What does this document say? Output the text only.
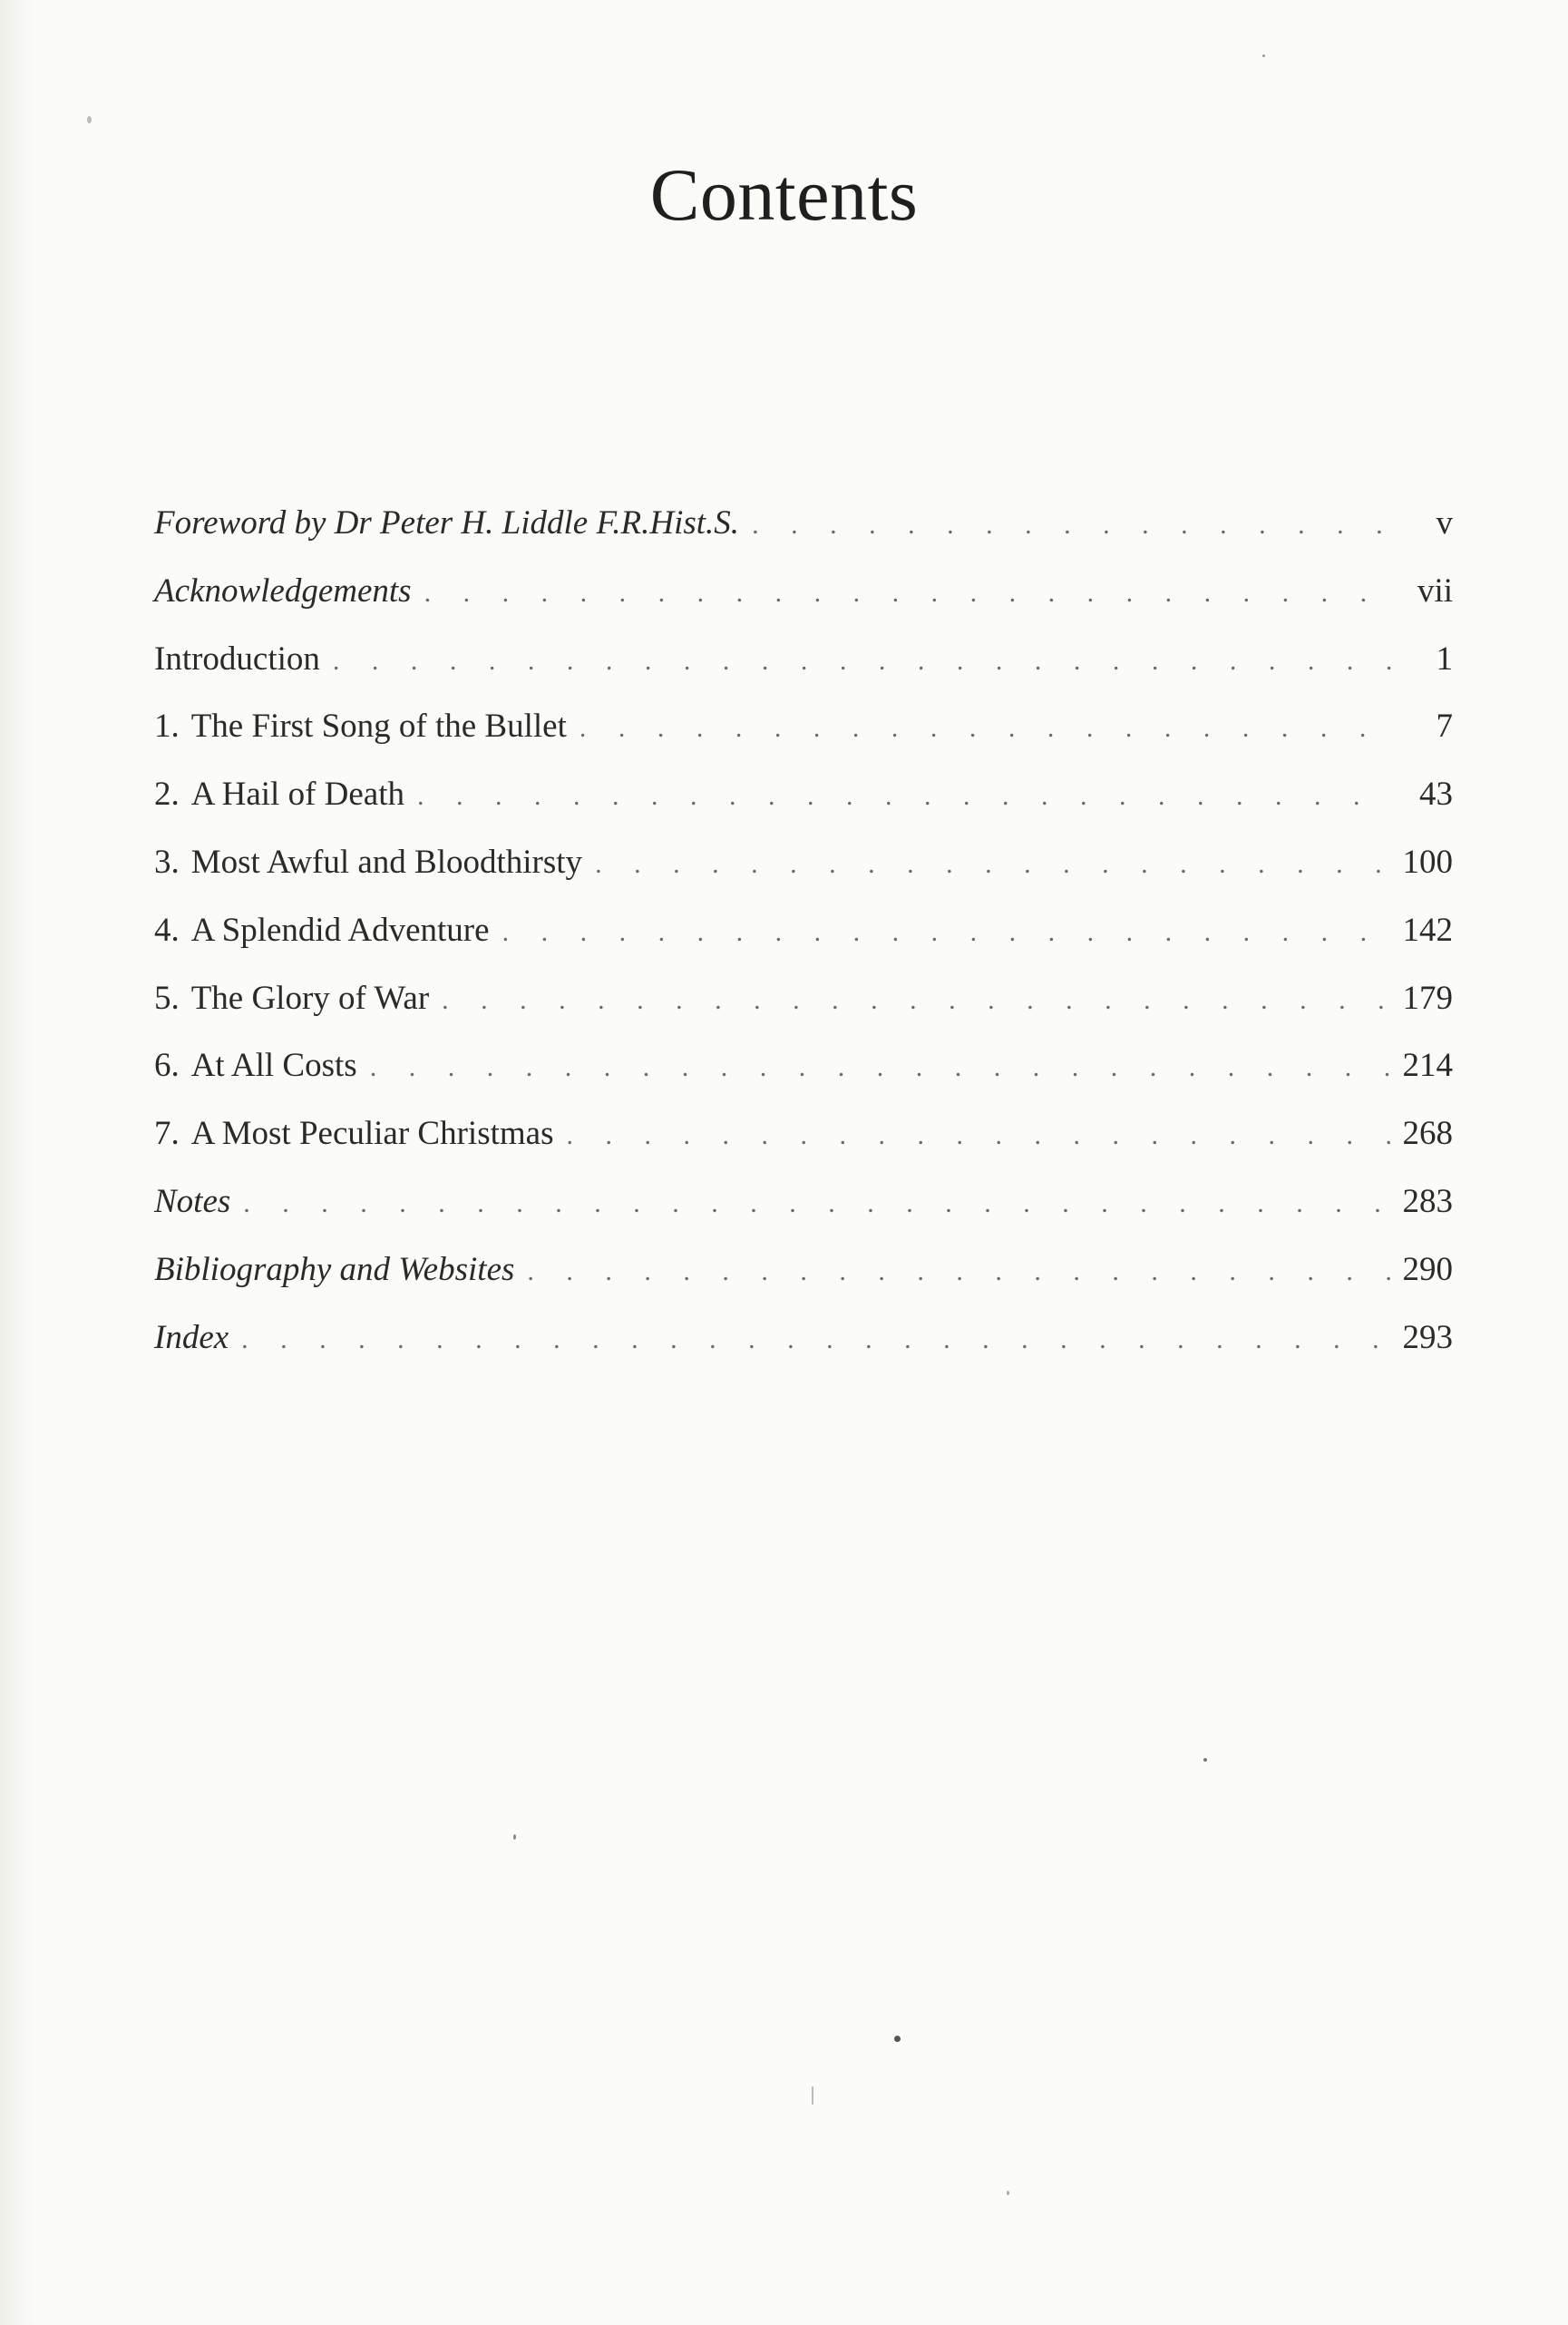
Contents
Foreword by Dr Peter H. Liddle F.R.Hist.S. . . .	v
Acknowledgements . . .	vii
Introduction . . .	1
1. The First Song of the Bullet . . .	7
2. A Hail of Death . . .	43
3. Most Awful and Bloodthirsty . . .	100
4. A Splendid Adventure . . .	142
5. The Glory of War . . .	179
6. At All Costs . . .	214
7. A Most Peculiar Christmas . . .	268
Notes . . .	283
Bibliography and Websites . . .	290
Index . . .	293
